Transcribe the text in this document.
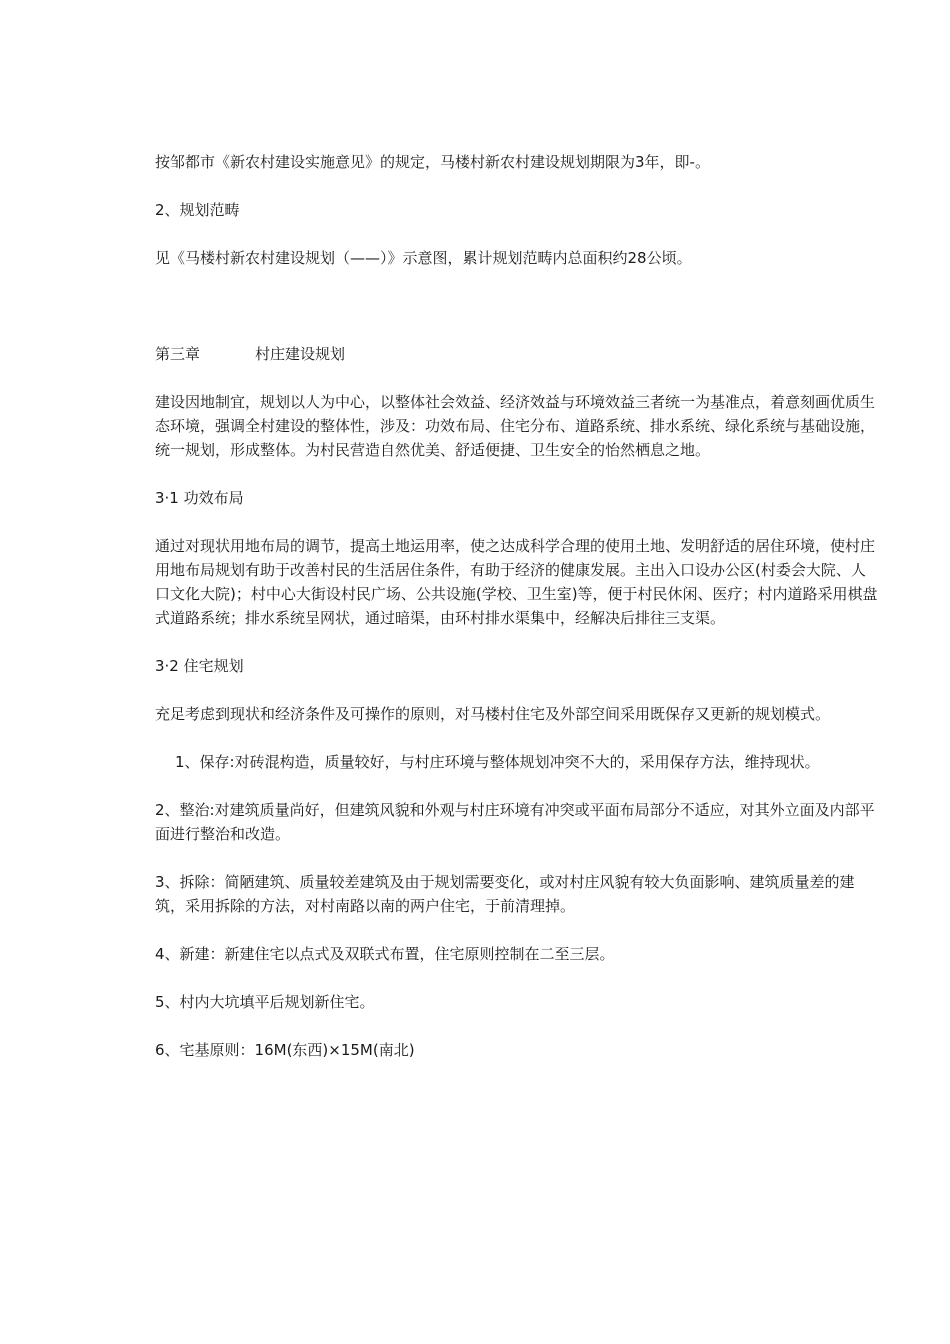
按邹都市《新农村建设实施意见》的规定，马楼村新农村建设规划期限为3年，即-。

2、规划范畴

见《马楼村新农村建设规划（——）》示意图，累计规划范畴内总面积约28公顷。

第三章	村庄建设规划

建设因地制宜，规划以人为中心，以整体社会效益、经济效益与环境效益三者统一为基准点，着意刻画优质生态环境，强调全村建设的整体性，涉及：功效布局、住宅分布、道路系统、排水系统、绿化系统与基础设施，统一规划，形成整体。为村民营造自然优美、舒适便捷、卫生安全的怡然栖息之地。

3·1 功效布局

通过对现状用地布局的调节，提高土地运用率，使之达成科学合理的使用土地、发明舒适的居住环境，使村庄用地布局规划有助于改善村民的生活居住条件，有助于经济的健康发展。主出入口设办公区(村委会大院、人口文化大院)；村中心大街设村民广场、公共设施(学校、卫生室)等，便于村民休闲、医疗；村内道路采用棋盘式道路系统；排水系统呈网状，通过暗渠，由环村排水渠集中，经解决后排往三支渠。

3·2 住宅规划

充足考虑到现状和经济条件及可操作的原则，对马楼村住宅及外部空间采用既保存又更新的规划模式。

1、保存:对砖混构造，质量较好，与村庄环境与整体规划冲突不大的，采用保存方法，维持现状。

2、整治:对建筑质量尚好，但建筑风貌和外观与村庄环境有冲突或平面布局部分不适应，对其外立面及内部平面进行整治和改造。

3、拆除：简陋建筑、质量较差建筑及由于规划需要变化，或对村庄风貌有较大负面影响、建筑质量差的建筑，采用拆除的方法，对村南路以南的两户住宅，于前清理掉。

4、新建：新建住宅以点式及双联式布置，住宅原则控制在二至三层。

5、村内大坑填平后规划新住宅。

6、宅基原则：16M(东西)×15M(南北)
